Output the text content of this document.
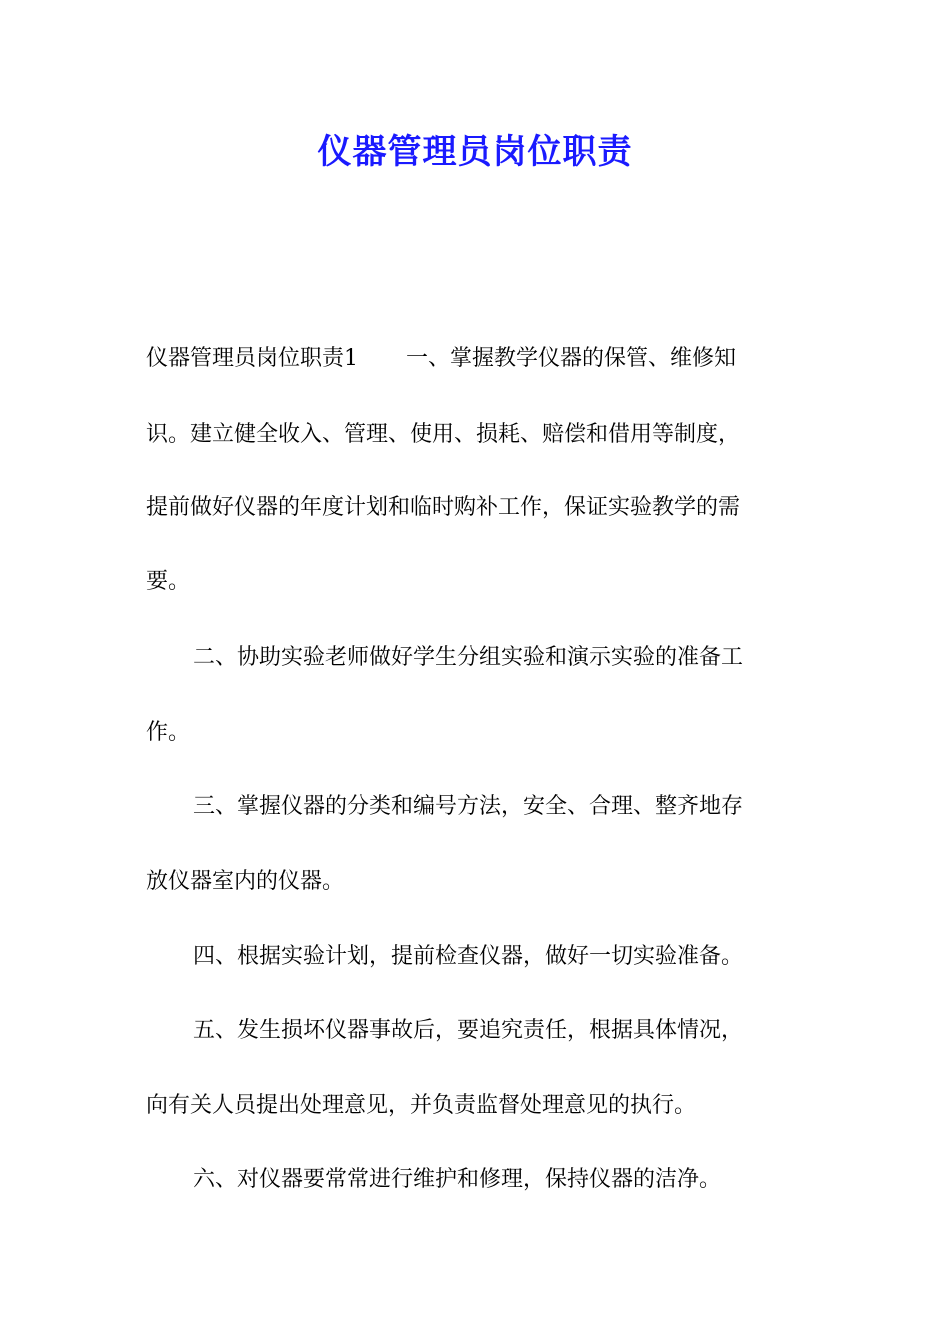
仪器管理员岗位职责

仪器管理员岗位职责1 一、掌握教学仪器的保管、维修知

识。建立健全收入、管理、使用、损耗、赔偿和借用等制度，

提前做好仪器的年度计划和临时购补工作，保证实验教学的需

要。

二、协助实验老师做好学生分组实验和演示实验的准备工

作。

三、掌握仪器的分类和编号方法，安全、合理、整齐地存

放仪器室内的仪器。

四、根据实验计划，提前检查仪器，做好一切实验准备。

五、发生损坏仪器事故后，要追究责任，根据具体情况，

向有关人员提出处理意见，并负责监督处理意见的执行。

六、对仪器要常常进行维护和修理，保持仪器的洁净。
